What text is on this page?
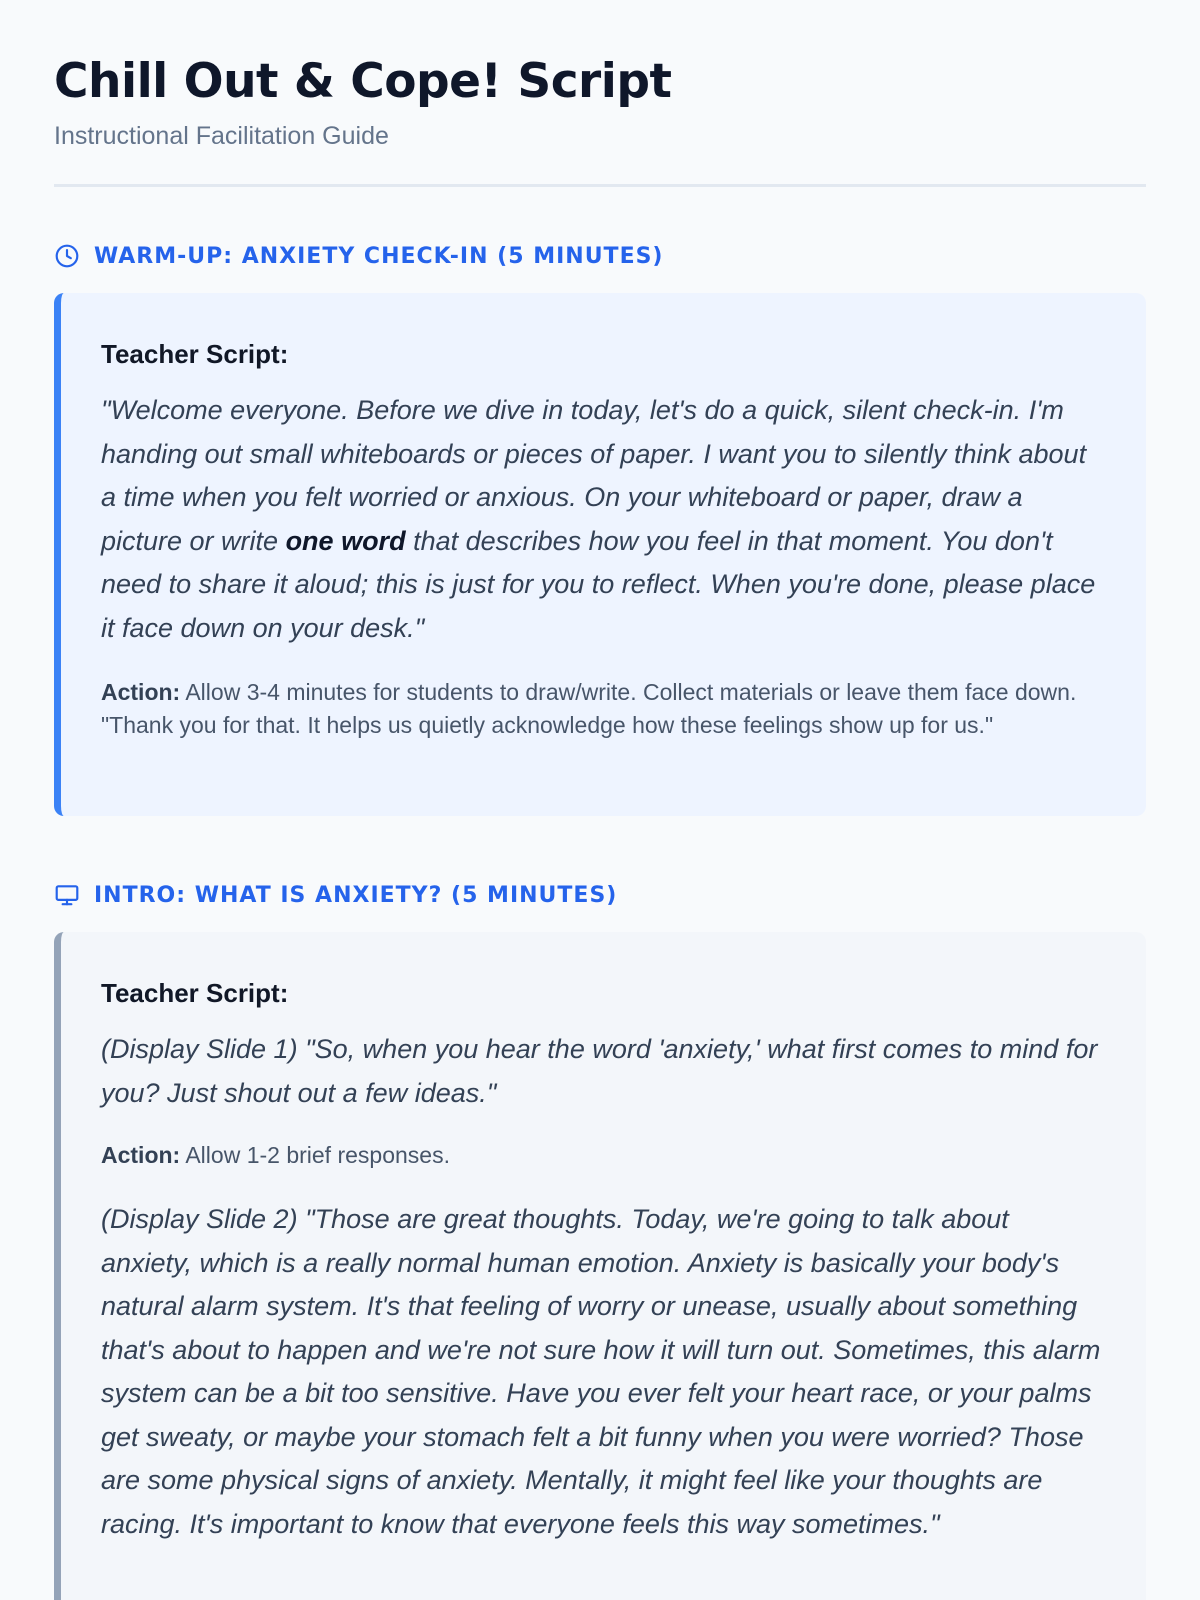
Chill Out & Cope! Script
Instructional Facilitation Guide
WARM-UP: ANXIETY CHECK-IN (5 MINUTES)
Teacher Script:

"Welcome everyone. Before we dive in today, let's do a quick, silent check-in. I'm handing out small whiteboards or pieces of paper. I want you to silently think about a time when you felt worried or anxious. On your whiteboard or paper, draw a picture or write one word that describes how you feel in that moment. You don't need to share it aloud; this is just for you to reflect. When you're done, please place it face down on your desk."

Action: Allow 3-4 minutes for students to draw/write. Collect materials or leave them face down. "Thank you for that. It helps us quietly acknowledge how these feelings show up for us."
INTRO: WHAT IS ANXIETY? (5 MINUTES)
Teacher Script:

(Display Slide 1) "So, when you hear the word 'anxiety,' what first comes to mind for you? Just shout out a few ideas."

Action: Allow 1-2 brief responses.

(Display Slide 2) "Those are great thoughts. Today, we're going to talk about anxiety, which is a really normal human emotion. Anxiety is basically your body's natural alarm system. It's that feeling of worry or unease, usually about something that's about to happen and we're not sure how it will turn out. Sometimes, this alarm system can be a bit too sensitive. Have you ever felt your heart race, or your palms get sweaty, or maybe your stomach felt a bit funny when you were worried? Those are some physical signs of anxiety. Mentally, it might feel like your thoughts are racing. It's important to know that everyone feels this way sometimes."
